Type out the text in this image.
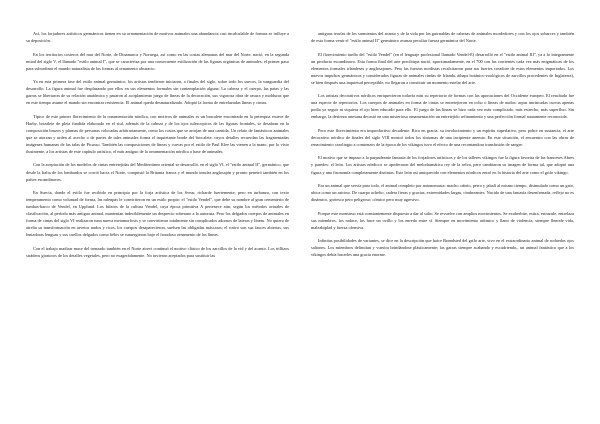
Así, los forjadores artísticos germánicos tienen en su ornamentación de motivos animales una abundancia casi incalculable de formas se influye a su deposición.

En los territorios costeros del mar del Norte, de Dinamarca y Noruega, así como en las costas alemanas del mar del Norte, nació, en la segunda mitad del siglo V, el llamado "estilo animal I", que se caracteriza por una consecuente estilización de las figuras orgánicas de animales: el primer paso para subordinar el mundo naturalista de las formas al ornamento abstracto.

Ya en esta primera fase del estilo animal germánico, los artistas tendieron iniciaron, a finales del siglo, sobre todo los suecos, la vanguardia del desarrollo. La figura animal fue desplazando por ellos en sus elementos formales sin contemplación alguna. La cabeza y el cuerpo, las patas y las garras se libertaron de su relación anatómica y pasaron al acoplamiento juego de líneas de la decoración, sus vigorosa obra de rasura y molduras que en este tiempo asume el mando sin encontrar resistencia. El animal queda desnaturalizado. Adoptó la forma de entrelazadas líneas y cintas.

Típico de este primer florecimiento de la ornamentación nórdica, con motivos de animales es un bracalete encontrado en la petrequia esuece de Harby, brizalete de pleta fundida elaborado en el siul, además de la cabeza y de los ojos tulescopicos de las figuras frontales, se desabran en la composición bruzos y plumas de personas colocadas arbitrariamente, como los rostos que se arrojan de una caenida. Un relato de fantásticos animales que se atorzan y urden al acecho o de partes de tales animales forma el inquietante borde del brocalete, cuyos detalles recuerdan las fragmentadas imágenes humanas de las talas de Picasso. También las composiciones de líneas y curvas por el estilo de Paul Klee las vienen a la mano, por lo visto ilusimente, a los artistas de este capítulo artístico, el más antiguo de la ornamentación nórdica a base de animales.

Con la aceptación de los modelos de cintas entretejidas del Mediterráneo oriental se desarrolló, en el siglo VI, el "estilo animal II", germánico, que desde la Italia de los lombardos se corrió hacia el Norte, conquistó la Britania franca y el mundo insular anglosajón y pronto penetró también en los países escandinavos.

En Suecia, donde el estilo fue recibido en principio por la forja artística de los Svear, richarde fuertemente; pero en turbanza, con texto temperamento como voluntad de forma, las ralenpas le convirtieron en un estilo propio: el "estilo Vendel", que debe su nombre al gran cementerio de tumbas-barco de Vendel, en Upplund. Los bifaros de la cultura Vendel, cuya época primitiva A pertenece aún, según los métodos actuales de clasificación, al período más antiguo animal, mantenían indeciblemente un desprecio soberano a la autoruta. Pero los delgados cuerpos de animales en forma de cintas del siglo VI realizaron tuna nueva metamorfosis y se convirtieron totalmente sin complicados adornos de lateras y líneas. No quiera de atrelia su transformación en arvetos nudos y ricos, los cuerpos desaparecieron, suelsen las obligadas máscaras; el rostro son sus fauces abiertas, sus lentadoras lenguas y sus cuellos delgados como bélos se sumergieron bajo el frondoso ornamento de las líneas.

Con el trabajo madirar mace del trenzado también en el Norte atrevi continuó el motivo clásico de los zarcillos de la vid y del acanto. Los trillizos strádeos giratoros de los detalles vegetales, pero no exagerádamente. No tuvieron aceptados para sustituir las

antiguas teorías de los sarmientos del acanto y de la vida por las guirnaldas de cabezas de animales mordedores y con los ojos sobarces y también de esta forma venir el "estilo animal II" germánico avanza peculiar fuerza germánica del Norte.

El florecimiento tardío del "estilo Vendel" (en el lenguaje profesional llamado Vendel-E) desarrolló en el "estilo animal III", ya a lo integramente un producto escandinavo. Esta forma final del arte precibirpa nació, aproximadamente, en el 700 con las corrientes cada vez más enigmáticas de los elementos formales irlandeses y anglosajones. Pero las fuerzas nordistas recalcitarron para sus fuertes creadore de estos elementos importados. Los nuevos impulsos germánicos y considerados figuras de animales rindas de Irlanda, átbaps botánico-zoológicos de zarcillos procedentes de Inglaterra), se bien después una inquietud perceptible, no llegaron a constituir un momento estelar del arte.

Los artistas decorativos nórdicos enriquecieron todavía más su repertorio de formas con las aportaciones del Occidente europeo. El resultado fue una especie de repertorios. Los cuerpos de animales en forma de cintas se entretejieron en ocho o líneas de nudos: arpas intrincadas curvas apenas podía ya seguir ni siquiera el ojo bien educado para ello. El juego de las líneas se hizo cada vez más complicado, más estrecho, más superfluo. Sin embargo, la destreza artesana decastó en una misteriosa ornamentación un entretejido refinamiento y una perfección formal sumamente reconocida.

Pero este florecimiento era improductivo decadente. Rico en gracia, su involucimiento y un espíritu superlativo, pero pobre en sustancia, el arte decorativo nórdico de finales del siglo VIII mostró todos los síntomas de una incipiente anemia. En este situación, el encuentro con las obras de renacimiento carolingio a comienzos de la época de los vikingos tuvo el efecto de una recontandora transfusión de sangre.

El motivo que se impuso a la parpadeante fantasía de los forjadores artísticos y de los talleres vikingos fue la figura favorita de las franceses Abres y paredes: el león. Los artistas nórdicos se apoderaron del melodramático rey de la selva, pero cambiaron su imagen de forma tal, que adoptó una figura y una fisonomía completamente distintas. Este león así amiquecido con elementos nórdicos entró en la historia del arte como el grifo vikingo.

Era un animal que servía para todo, el animal completo por antonomasia: macho cabrío, perro y jabalí al mismo tiempo, disimulado como un gato, ubica como un raicino. De cuarpo achelto, cadera fieras y gracias, extremidades largas, cimbreantes. Nacido de una fantasía desenfrenada, reflejo no es dinámico, grotesco pero peligroso; cómico pero muy agresivo.

Porque este monstruo está constantemente dispuesto a dar al salto. Se revuelve con amplios movimientos. Se exuberbite, estira, estrazule, entrelaza sus miembros, los radace, los hace un ovillo y los enreda entre sí. Siempre en movimiento arítmico y llano de violencia, siempre llenode vida, maleabiplad y fuerza ofensiva.

Infinitas posibilidades de variantes, se dice en la descripción que haice Brøndsted del grifo arte, vivo en el extraordinario animal de roduedas ojos saltones. Los miembros delimitan y vuestra brindándose plásticamente; las garras siempre acabando y escudriendo,, un animal fantástico que a los vikingos debía hacerles una gracia enorme.
